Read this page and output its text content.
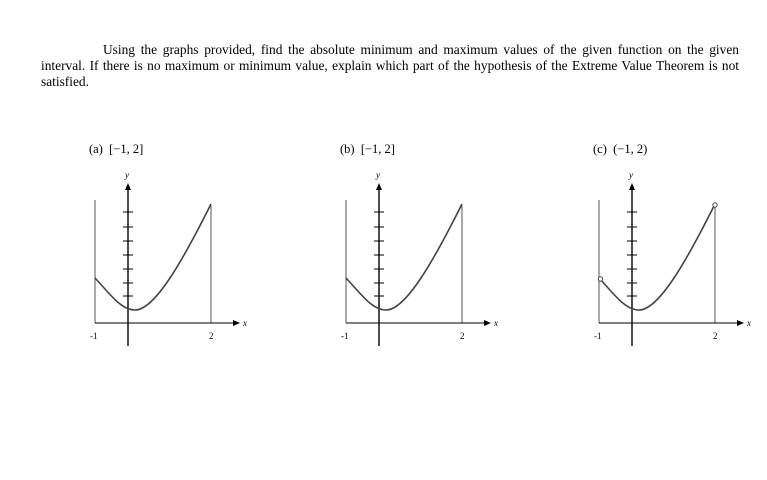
Using the graphs provided, find the absolute minimum and maximum values of the given function on the given interval. If there is no maximum or minimum value, explain which part of the hypothesis of the Extreme Value Theorem is not satisfied.
(a) [−1, 2]
y
x
-1	2
(b) [−1, 2]
y
x
-1	2
(c) (−1, 2)
y
x
-1	2
